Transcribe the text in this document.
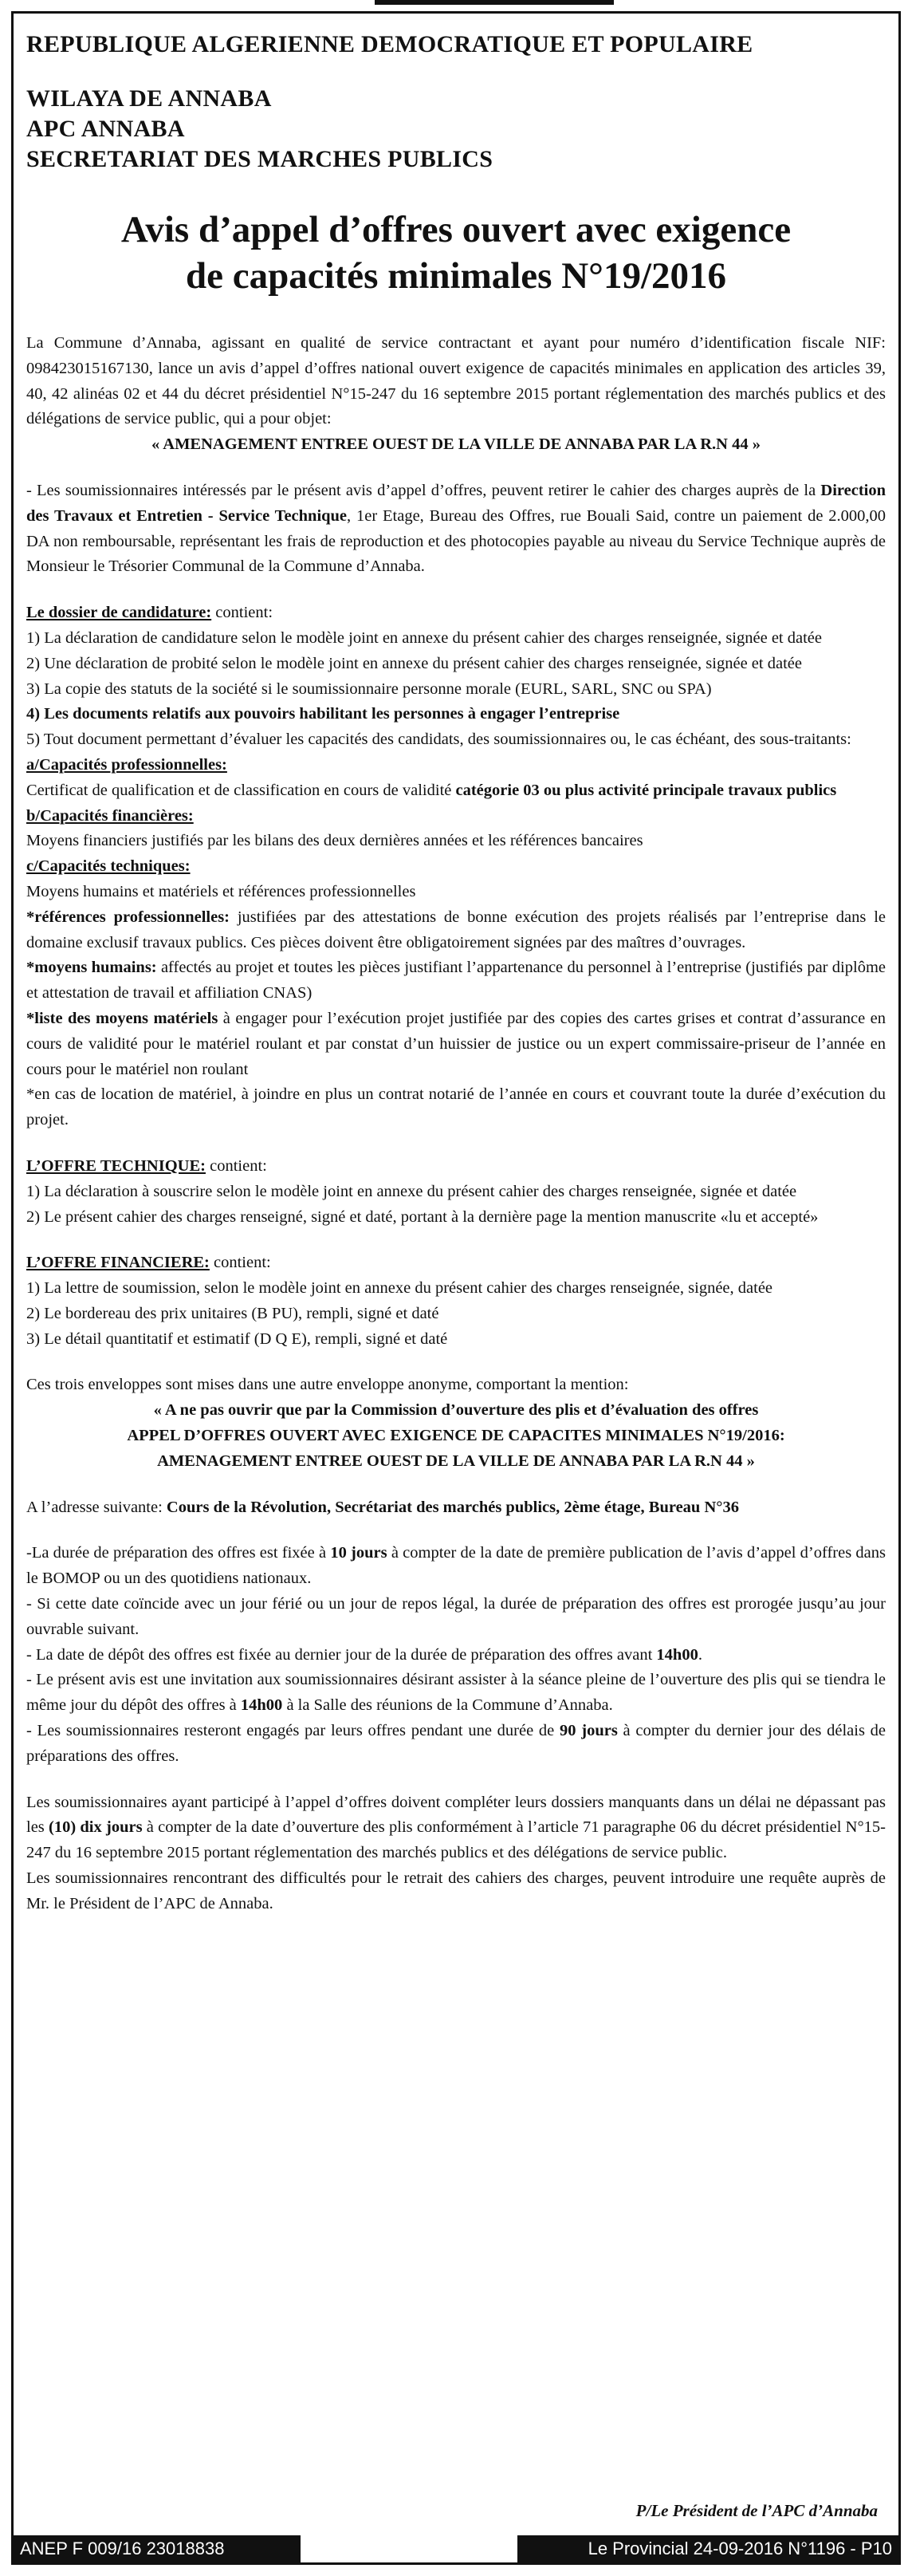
REPUBLIQUE ALGERIENNE DEMOCRATIQUE ET POPULAIRE
WILAYA DE ANNABA
APC ANNABA
SECRETARIAT DES MARCHES PUBLICS
Avis d’appel d’offres ouvert avec exigence
de capacités minimales N°19/2016

La Commune d’Annaba, agissant en qualité de service contractant et ayant pour numéro d’identification fiscale NIF: 098423015167130, lance un avis d’appel d’offres national ouvert exigence de capacités minimales en application des articles 39, 40, 42 alinéas 02 et 44 du décret présidentiel N°15-247 du 16 septembre 2015 portant réglementation des marchés publics et des délégations de service public, qui a pour objet:

« AMENAGEMENT ENTREE OUEST DE LA VILLE DE ANNABA PAR LA R.N 44 »

- Les soumissionnaires intéressés par le présent avis d’appel d’offres, peuvent retirer le cahier des charges auprès de la Direction des Travaux et Entretien - Service Technique, 1er Etage, Bureau des Offres, rue Bouali Said, contre un paiement de 2.000,00 DA non remboursable, représentant les frais de reproduction et des photocopies payable au niveau du Service Technique auprès de Monsieur le Trésorier Communal de la Commune d’Annaba.

Le dossier de candidature: contient:

1) La déclaration de candidature selon le modèle joint en annexe du présent cahier des charges renseignée, signée et datée

2) Une déclaration de probité selon le modèle joint en annexe du présent cahier des charges renseignée, signée et datée

3) La copie des statuts de la société si le soumissionnaire personne morale (EURL, SARL, SNC ou SPA)

4) Les documents relatifs aux pouvoirs habilitant les personnes à engager l’entreprise

5) Tout document permettant d’évaluer les capacités des candidats, des soumissionnaires ou, le cas échéant, des sous-traitants:

a/Capacités professionnelles:

Certificat de qualification et de classification en cours de validité catégorie 03 ou plus activité principale travaux publics

b/Capacités financières:

Moyens financiers justifiés par les bilans des deux dernières années et les références bancaires

c/Capacités techniques:

Moyens humains et matériels et références professionnelles

*références professionnelles: justifiées par des attestations de bonne exécution des projets réalisés par l’entreprise dans le domaine exclusif travaux publics. Ces pièces doivent être obligatoirement signées par des maîtres d’ouvrages.

*moyens humains: affectés au projet et toutes les pièces justifiant l’appartenance du personnel à l’entreprise (justifiés par diplôme et attestation de travail et affiliation CNAS)

*liste des moyens matériels à engager pour l’exécution projet justifiée par des copies des cartes grises et contrat d’assurance en cours de validité pour le matériel roulant et par constat d’un huissier de justice ou un expert commissaire-priseur de l’année en cours pour le matériel non roulant

*en cas de location de matériel, à joindre en plus un contrat notarié de l’année en cours et couvrant toute la durée d’exécution du projet.

L’OFFRE TECHNIQUE: contient:

1) La déclaration à souscrire selon le modèle joint en annexe du présent cahier des charges renseignée, signée et datée

2) Le présent cahier des charges renseigné, signé et daté, portant à la dernière page la mention manuscrite «lu et accepté»

L’OFFRE FINANCIERE: contient:

1) La lettre de soumission, selon le modèle joint en annexe du présent cahier des charges renseignée, signée, datée

2) Le bordereau des prix unitaires (B PU), rempli, signé et daté

3) Le détail quantitatif et estimatif (D Q E), rempli, signé et daté

Ces trois enveloppes sont mises dans une autre enveloppe anonyme, comportant la mention:

« A ne pas ouvrir que par la Commission d’ouverture des plis et d’évaluation des offres

APPEL D’OFFRES OUVERT AVEC EXIGENCE DE CAPACITES MINIMALES N°19/2016:

AMENAGEMENT ENTREE OUEST DE LA VILLE DE ANNABA PAR LA R.N 44 »

A l’adresse suivante: Cours de la Révolution, Secrétariat des marchés publics, 2ème étage, Bureau N°36

-La durée de préparation des offres est fixée à 10 jours à compter de la date de première publication de l’avis d’appel d’offres dans le BOMOP ou un des quotidiens nationaux.

- Si cette date coïncide avec un jour férié ou un jour de repos légal, la durée de préparation des offres est prorogée jusqu’au jour ouvrable suivant.

- La date de dépôt des offres est fixée au dernier jour de la durée de préparation des offres avant 14h00.

- Le présent avis est une invitation aux soumissionnaires désirant assister à la séance pleine de l’ouverture des plis qui se tiendra le même jour du dépôt des offres à 14h00 à la Salle des réunions de la Commune d’Annaba.

- Les soumissionnaires resteront engagés par leurs offres pendant une durée de 90 jours à compter du dernier jour des délais de préparations des offres.

Les soumissionnaires ayant participé à l’appel d’offres doivent compléter leurs dossiers manquants dans un délai ne dépassant pas les (10) dix jours à compter de la date d’ouverture des plis conformément à l’article 71 paragraphe 06 du décret présidentiel N°15-247 du 16 septembre 2015 portant réglementation des marchés publics et des délégations de service public.

Les soumissionnaires rencontrant des difficultés pour le retrait des cahiers des charges, peuvent introduire une requête auprès de Mr. le Président de l’APC de Annaba.

P/Le Président de l’APC d’Annaba
ANEP F 009/16 23018838	Le Provincial 24-09-2016 N°1196 - P10
